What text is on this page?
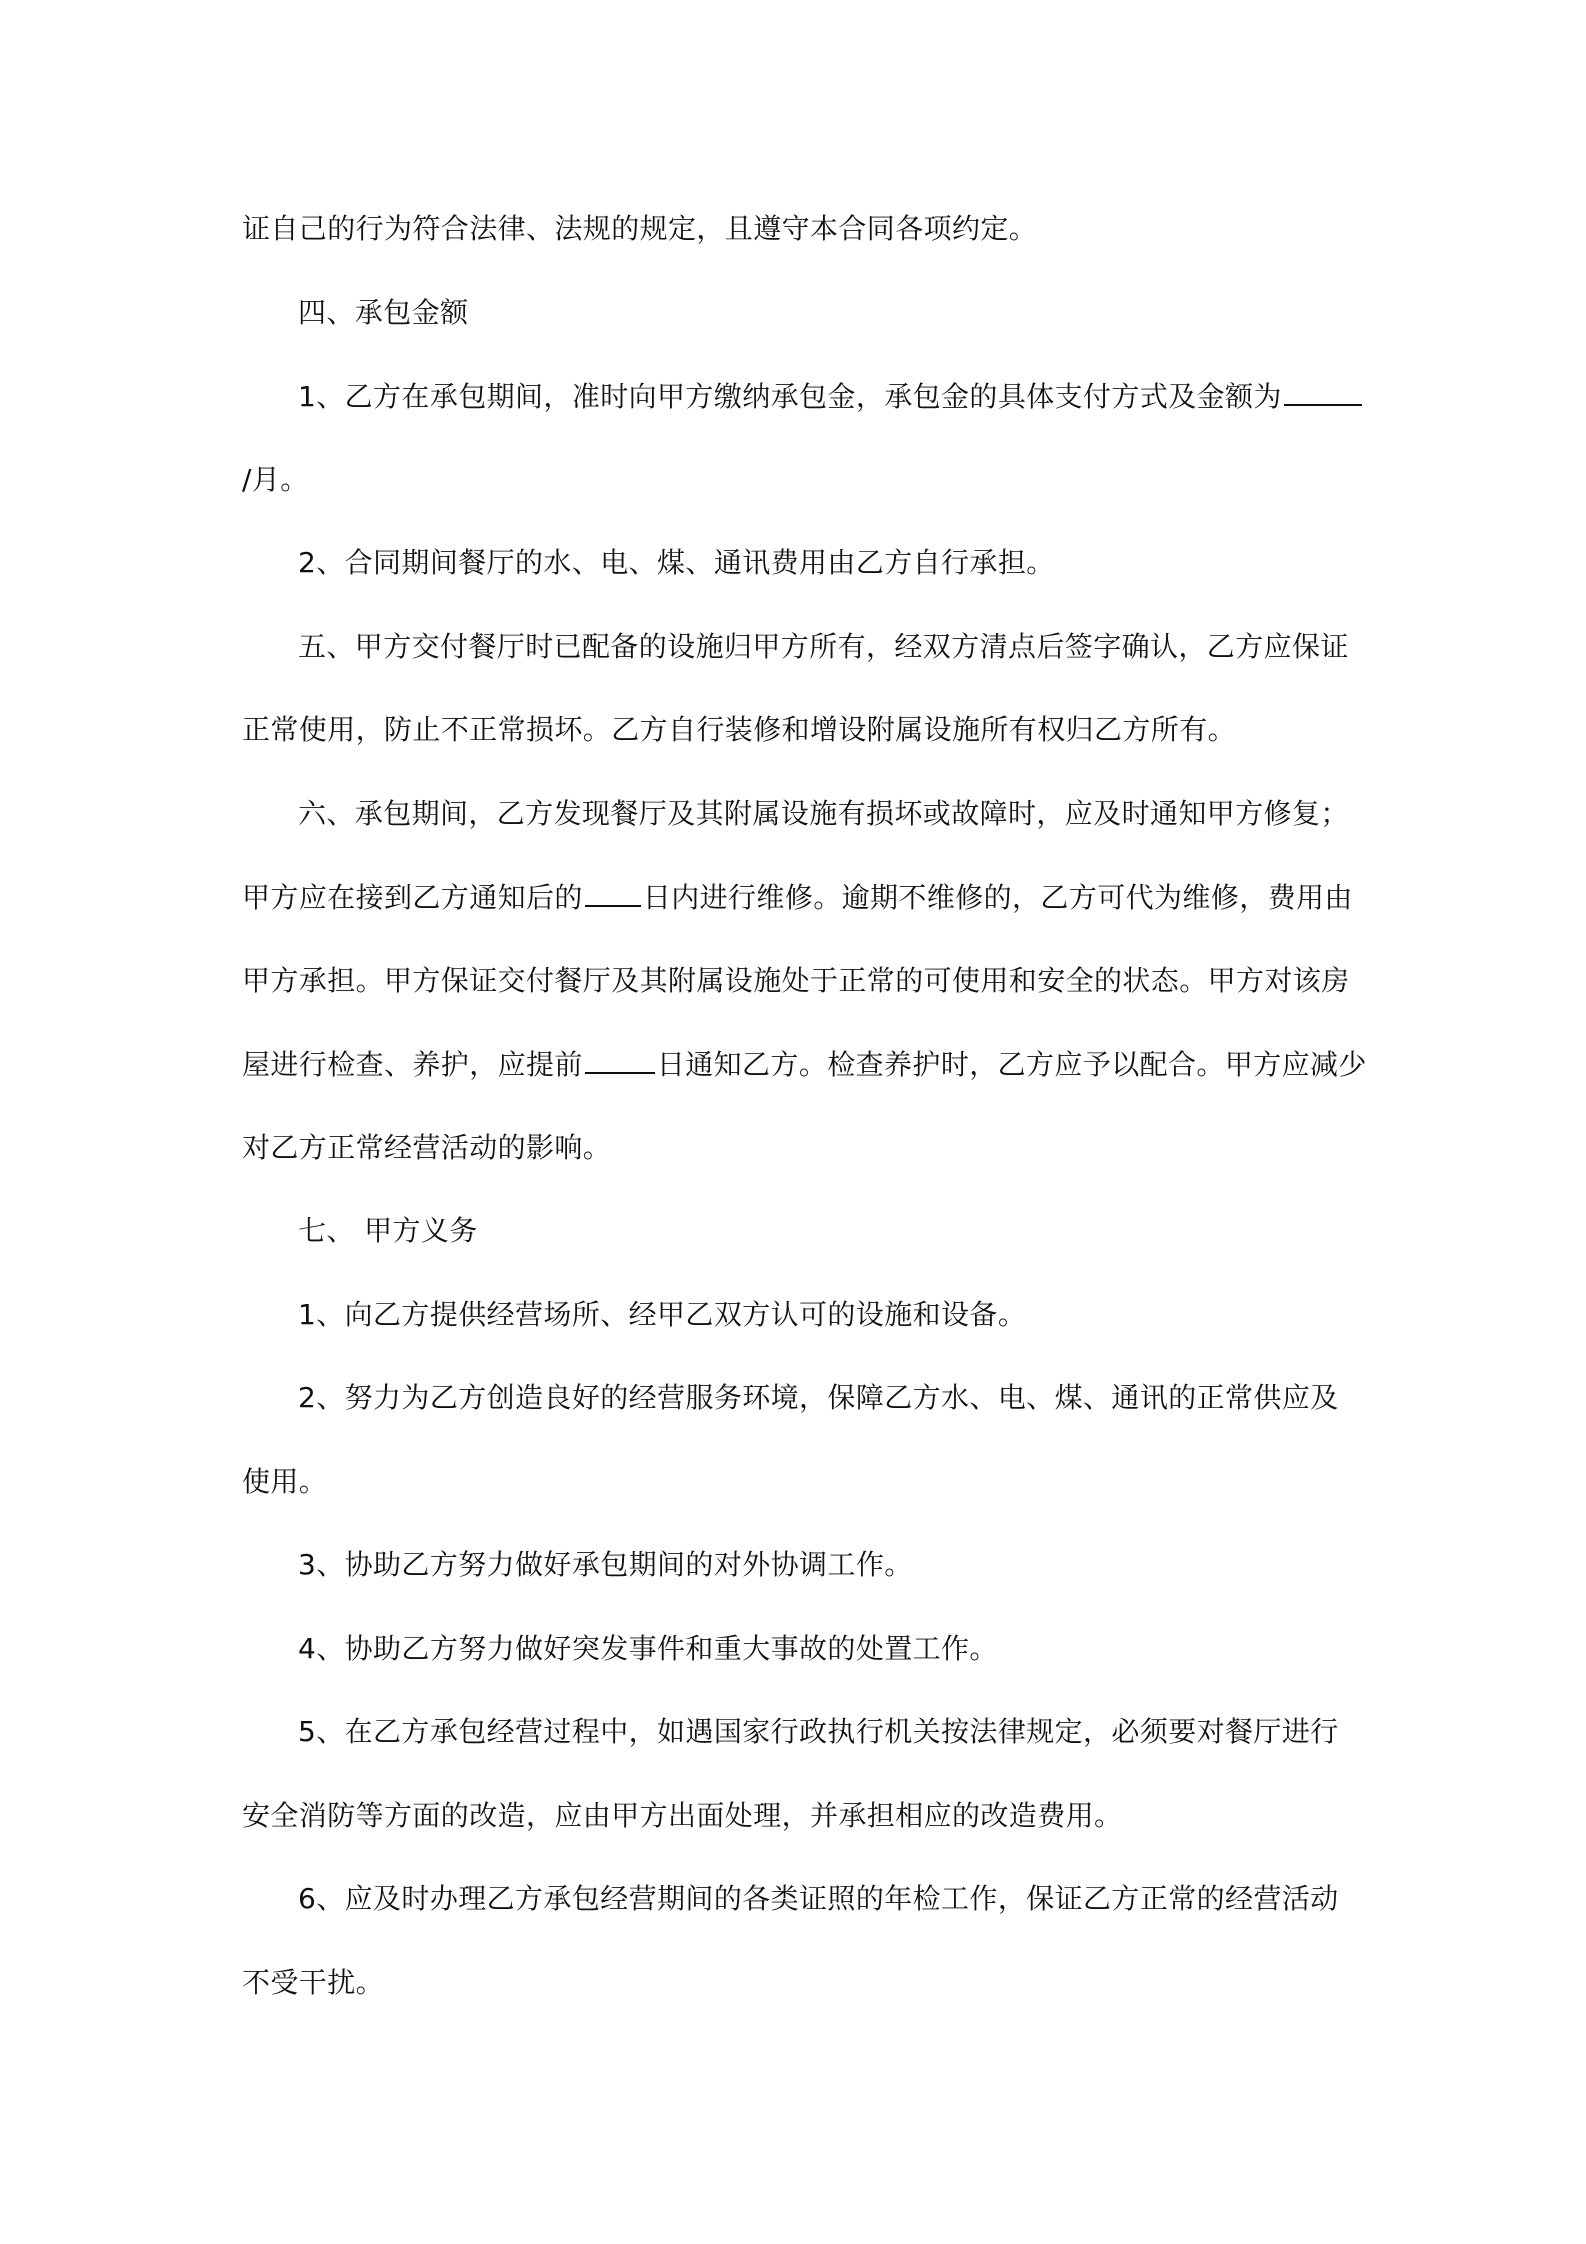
证自己的行为符合法律、法规的规定，且遵守本合同各项约定。
四、承包金额
1、乙方在承包期间，准时向甲方缴纳承包金，承包金的具体支付方式及金额为
/月。
2、合同期间餐厅的水、电、煤、通讯费用由乙方自行承担。
五、甲方交付餐厅时已配备的设施归甲方所有，经双方清点后签字确认，乙方应保证
正常使用，防止不正常损坏。乙方自行装修和增设附属设施所有权归乙方所有。
六、承包期间，乙方发现餐厅及其附属设施有损坏或故障时，应及时通知甲方修复；
甲方应在接到乙方通知后的 日内进行维修。逾期不维修的，乙方可代为维修，费用由
甲方承担。甲方保证交付餐厅及其附属设施处于正常的可使用和安全的状态。甲方对该房
屋进行检查、养护，应提前	日通知乙方。检查养护时，乙方应予以配合。甲方应减少
对乙方正常经营活动的影响。
七、 甲方义务
1、向乙方提供经营场所、经甲乙双方认可的设施和设备。
2、努力为乙方创造良好的经营服务环境，保障乙方水、电、煤、通讯的正常供应及
使用。
3、协助乙方努力做好承包期间的对外协调工作。
4、协助乙方努力做好突发事件和重大事故的处置工作。
5、在乙方承包经营过程中，如遇国家行政执行机关按法律规定，必须要对餐厅进行
安全消防等方面的改造，应由甲方出面处理，并承担相应的改造费用。
6、应及时办理乙方承包经营期间的各类证照的年检工作，保证乙方正常的经营活动
不受干扰。
